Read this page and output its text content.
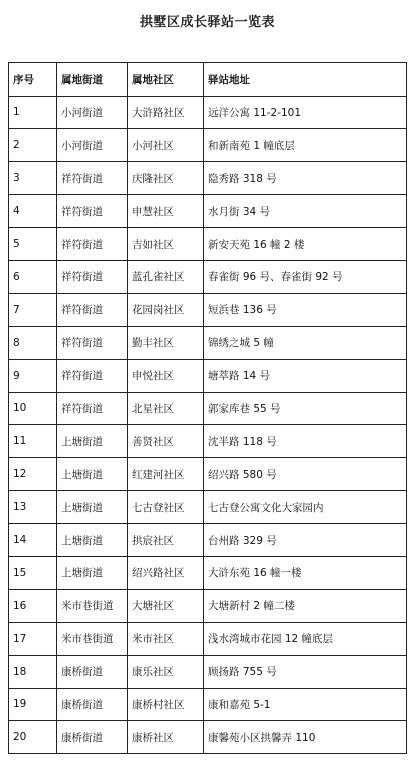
拱墅区成长驿站一览表
序号	属地街道	属地社区	驿站地址
1	小河街道	大浒路社区	远洋公寓 11-2-101
2	小河街道	小河社区	和新南苑 1 幢底层
3	祥符街道	庆隆社区	隐秀路 318 号
4	祥符街道	申慧社区	水月街 34 号
5	祥符街道	吉如社区	新安天苑 16 幢 2 楼
6	祥符街道	蓝孔雀社区	春雀街 96 号、春雀街 92 号
7	祥符街道	花园岗社区	短浜巷 136 号
8	祥符街道	勤丰社区	锦绣之城 5 幢
9	祥符街道	申悦社区	塘萃路 14 号
10	祥符街道	北星社区	郭家库巷 55 号
11	上塘街道	善贤社区	沈半路 118 号
12	上塘街道	红建河社区	绍兴路 580 号
13	上塘街道	七古登社区	七古登公寓文化大家园内
14	上塘街道	拱宸社区	台州路 329 号
15	上塘街道	绍兴路社区	大浒东苑 16 幢一楼
16	米市巷街道	大塘社区	大塘新村 2 幢二楼
17	米市巷街道	米市社区	浅水湾城市花园 12 幢底层
18	康桥街道	康乐社区	顾扬路 755 号
19	康桥街道	康桥村社区	康和嘉苑 5-1
20	康桥街道	康桥社区	康馨苑小区拱馨弄 110
